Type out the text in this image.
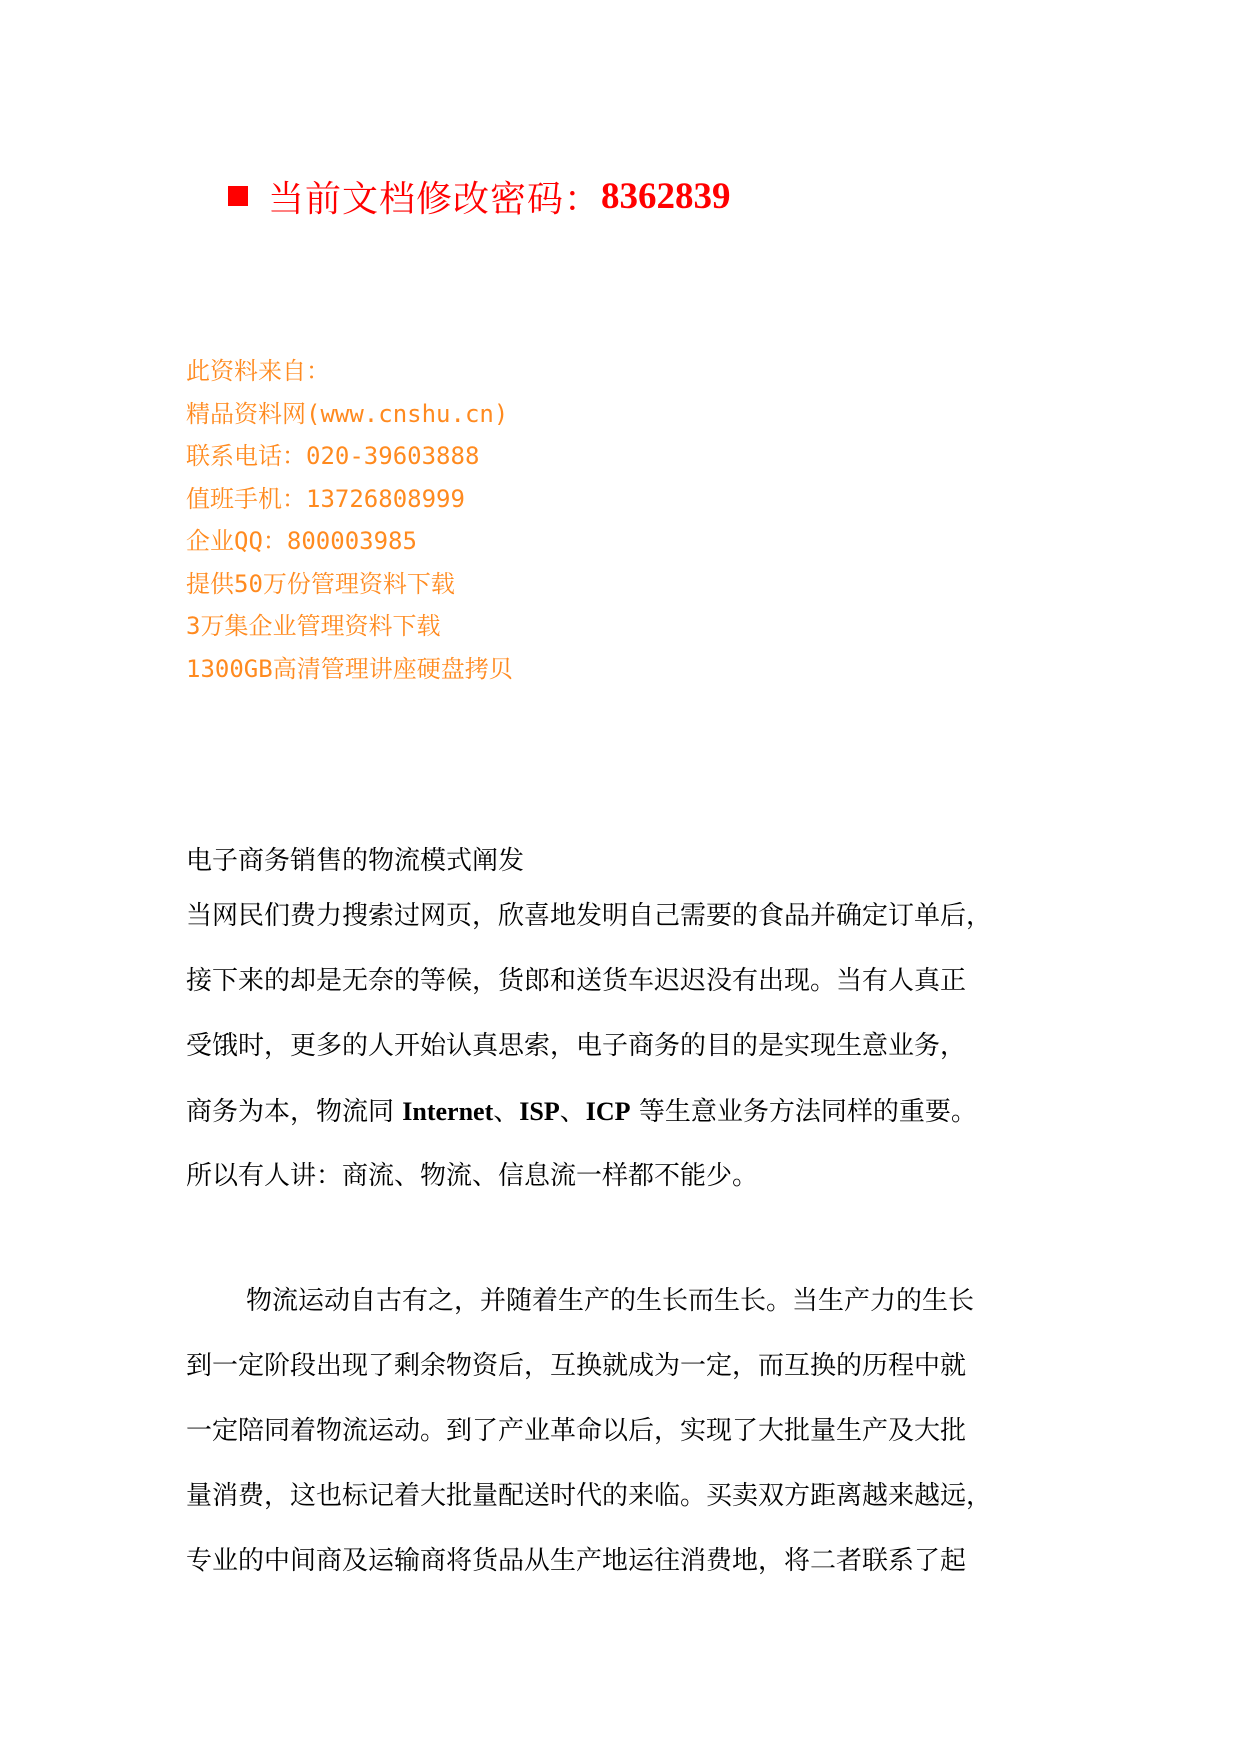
当前文档修改密码： 8362839
此资料来自：
精品资料网(www.cnshu.cn)
联系电话：020-39603888
值班手机：13726808999
企业QQ：800003985
提供50万份管理资料下载
3万集企业管理资料下载
1300GB高清管理讲座硬盘拷贝
电子商务销售的物流模式阐发
当网民们费力搜索过网页，欣喜地发明自己需要的食品并确定订单后，
接下来的却是无奈的等候，货郎和送货车迟迟没有出现。当有人真正
受饿时，更多的人开始认真思索，电子商务的目的是实现生意业务，
商务为本，物流同 Internet、ISP、ICP 等生意业务方法同样的重要。
所以有人讲：商流、物流、信息流一样都不能少。
物流运动自古有之，并随着生产的生长而生长。当生产力的生长
到一定阶段出现了剩余物资后，互换就成为一定，而互换的历程中就
一定陪同着物流运动。到了产业革命以后，实现了大批量生产及大批
量消费，这也标记着大批量配送时代的来临。买卖双方距离越来越远，
专业的中间商及运输商将货品从生产地运往消费地，将二者联系了起
